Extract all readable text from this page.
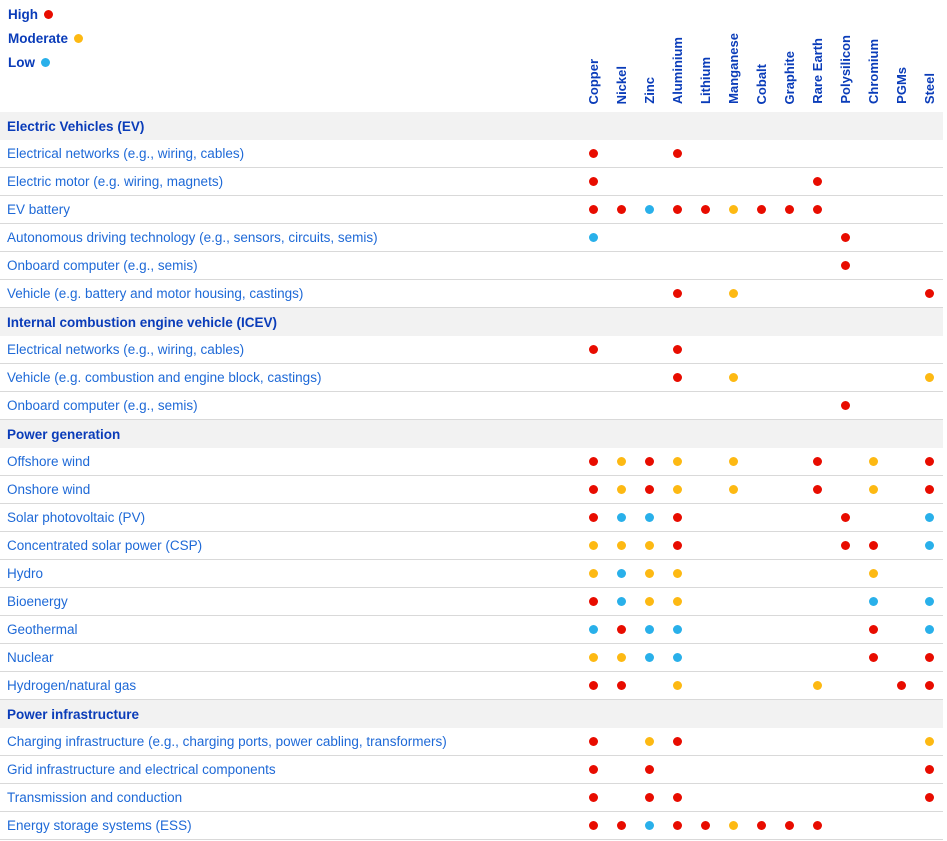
High
Moderate
Low	Copper Nickel Zinc Aluminium Lithium Manganese Cobalt Graphite Rare Earth Polysilicon Chromium PGMs Steel
Electric Vehicles (EV)
Electrical networks (e.g., wiring, cables)
Electric motor (e.g. wiring, magnets)
EV battery
Autonomous driving technology (e.g., sensors, circuits, semis)
Onboard computer (e.g., semis)
Vehicle (e.g. battery and motor housing, castings)
Internal combustion engine vehicle (ICEV)
Electrical networks (e.g., wiring, cables)
Vehicle (e.g. combustion and engine block, castings)
Onboard computer (e.g., semis)
Power generation
Offshore wind
Onshore wind
Solar photovoltaic (PV)
Concentrated solar power (CSP)
Hydro
Bioenergy
Geothermal
Nuclear
Hydrogen/natural gas
Power infrastructure
Charging infrastructure (e.g., charging ports, power cabling, transformers)
Grid infrastructure and electrical components
Transmission and conduction
Energy storage systems (ESS)
